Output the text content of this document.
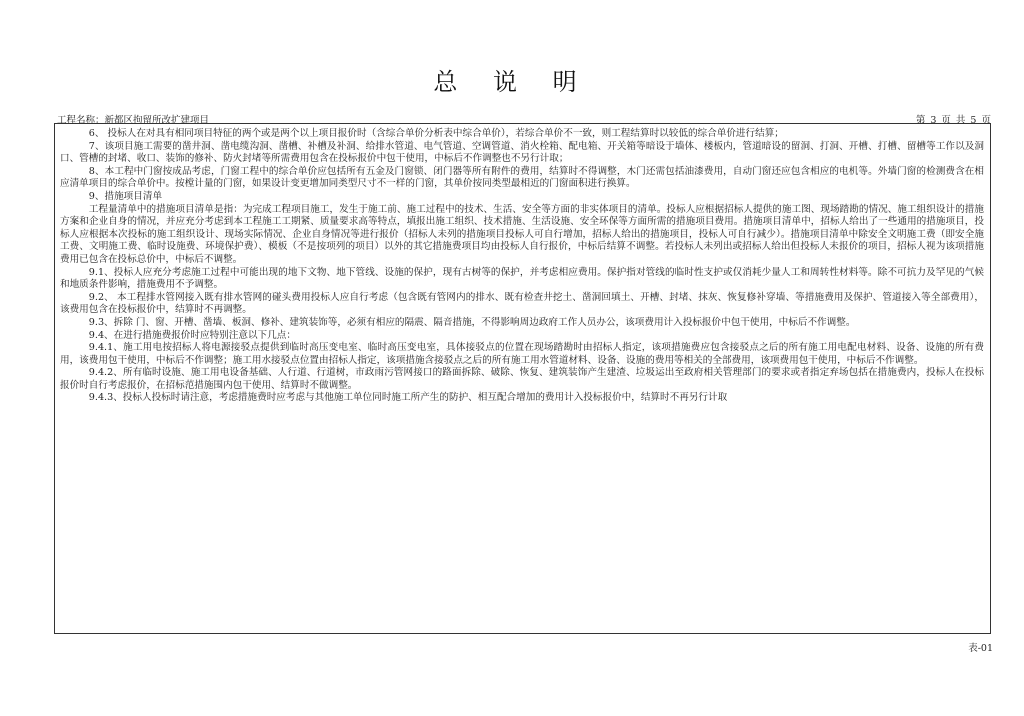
总 说 明
工程名称：新都区拘留所改扩建项目	第 3 页 共 5 页

6、 投标人在对具有相同项目特征的两个或是两个以上项目报价时（含综合单价分析表中综合单价），若综合单价不一致，则工程结算时以较低的综合单价进行结算；

7、该项目施工需要的凿井洞、凿电缆沟洞、凿槽、补槽及补洞、给排水管道、电气管道、空调管道、消火栓箱、配电箱、开关箱等暗设于墙体、楼板内，管道暗设的留洞、打洞、开槽、打槽、留槽等工作以及洞口、管槽的封堵、收口、装饰的修补、防火封堵等所需费用包含在投标报价中包干使用，中标后不作调整也不另行计取；

8、本工程中门窗按成品考虑，门窗工程中的综合单价应包括所有五金及门窗锁、闭门器等所有附件的费用，结算时不得调整，木门还需包括油漆费用，自动门窗还应包含相应的电机等。外墙门窗的检测费含在相应清单项目的综合单价中。按樘计量的门窗，如果设计变更增加同类型尺寸不一样的门窗，其单价按同类型最相近的门窗面积进行换算。

9、措施项目清单

工程量清单中的措施项目清单是指：为完成工程项目施工，发生于施工前、施工过程中的技术、生活、安全等方面的非实体项目的清单。投标人应根据招标人提供的施工图、现场踏勘的情况、施工组织设计的措施方案和企业自身的情况，并应充分考虑到本工程施工工期紧、质量要求高等特点，填报出施工组织、技术措施、生活设施、安全环保等方面所需的措施项目费用。措施项目清单中，招标人给出了一些通用的措施项目，投标人应根据本次投标的施工组织设计、现场实际情况、企业自身情况等进行报价（招标人未列的措施项目投标人可自行增加，招标人给出的措施项目，投标人可自行减少）。措施项目清单中除安全文明施工费（即安全施工费、文明施工费、临时设施费、环境保护费）、模板（不是按项列的项目）以外的其它措施费项目均由投标人自行报价，中标后结算不调整。若投标人未列出或招标人给出但投标人未报价的项目，招标人视为该项措施费用已包含在投标总价中，中标后不调整。

9.1、投标人应充分考虑施工过程中可能出现的地下文物、地下管线、设施的保护，现有古树等的保护，并考虑相应费用。保护指对管线的临时性支护或仅消耗少量人工和周转性材料等。除不可抗力及罕见的气候和地质条件影响，措施费用不予调整。

9.2、 本工程排水管网接入既有排水管网的碰头费用投标人应自行考虑（包含既有管网内的排水、既有检查井挖土、凿洞回填土、开槽、封堵、抹灰、恢复修补穿墙、等措施费用及保护、管道接入等全部费用），该费用包含在投标报价中，结算时不再调整。

9.3、拆除 门、窗、开槽、凿墙、板洞、修补、建筑装饰等，必须有相应的隔震、隔音措施，不得影响周边政府工作人员办公，该项费用计入投标报价中包干使用，中标后不作调整。

9.4、在进行措施费报价时应特别注意以下几点：

9.4.1、施工用电按招标人将电源接驳点提供到临时高压变电室、临时高压变电室，具体接驳点的位置在现场踏勘时由招标人指定，该项措施费应包含接驳点之后的所有施工用电配电材料、设备、设施的所有费用，该费用包干使用，中标后不作调整；施工用水接驳点位置由招标人指定，该项措施含接驳点之后的所有施工用水管道材料、设备、设施的费用等相关的全部费用，该项费用包干使用，中标后不作调整。

9.4.2、所有临时设施、施工用电设备基础、人行道、行道树，市政雨污管网接口的路面拆除、破除、恢复、建筑装饰产生建渣、垃圾运出至政府相关管理部门的要求或者指定弃场包括在措施费内，投标人在投标报价时自行考虑报价，在招标范措施围内包干使用、结算时不做调整。

9.4.3、投标人投标时请注意，考虑措施费时应考虑与其他施工单位同时施工所产生的防护、相互配合增加的费用计入投标报价中，结算时不再另行计取

表-01
